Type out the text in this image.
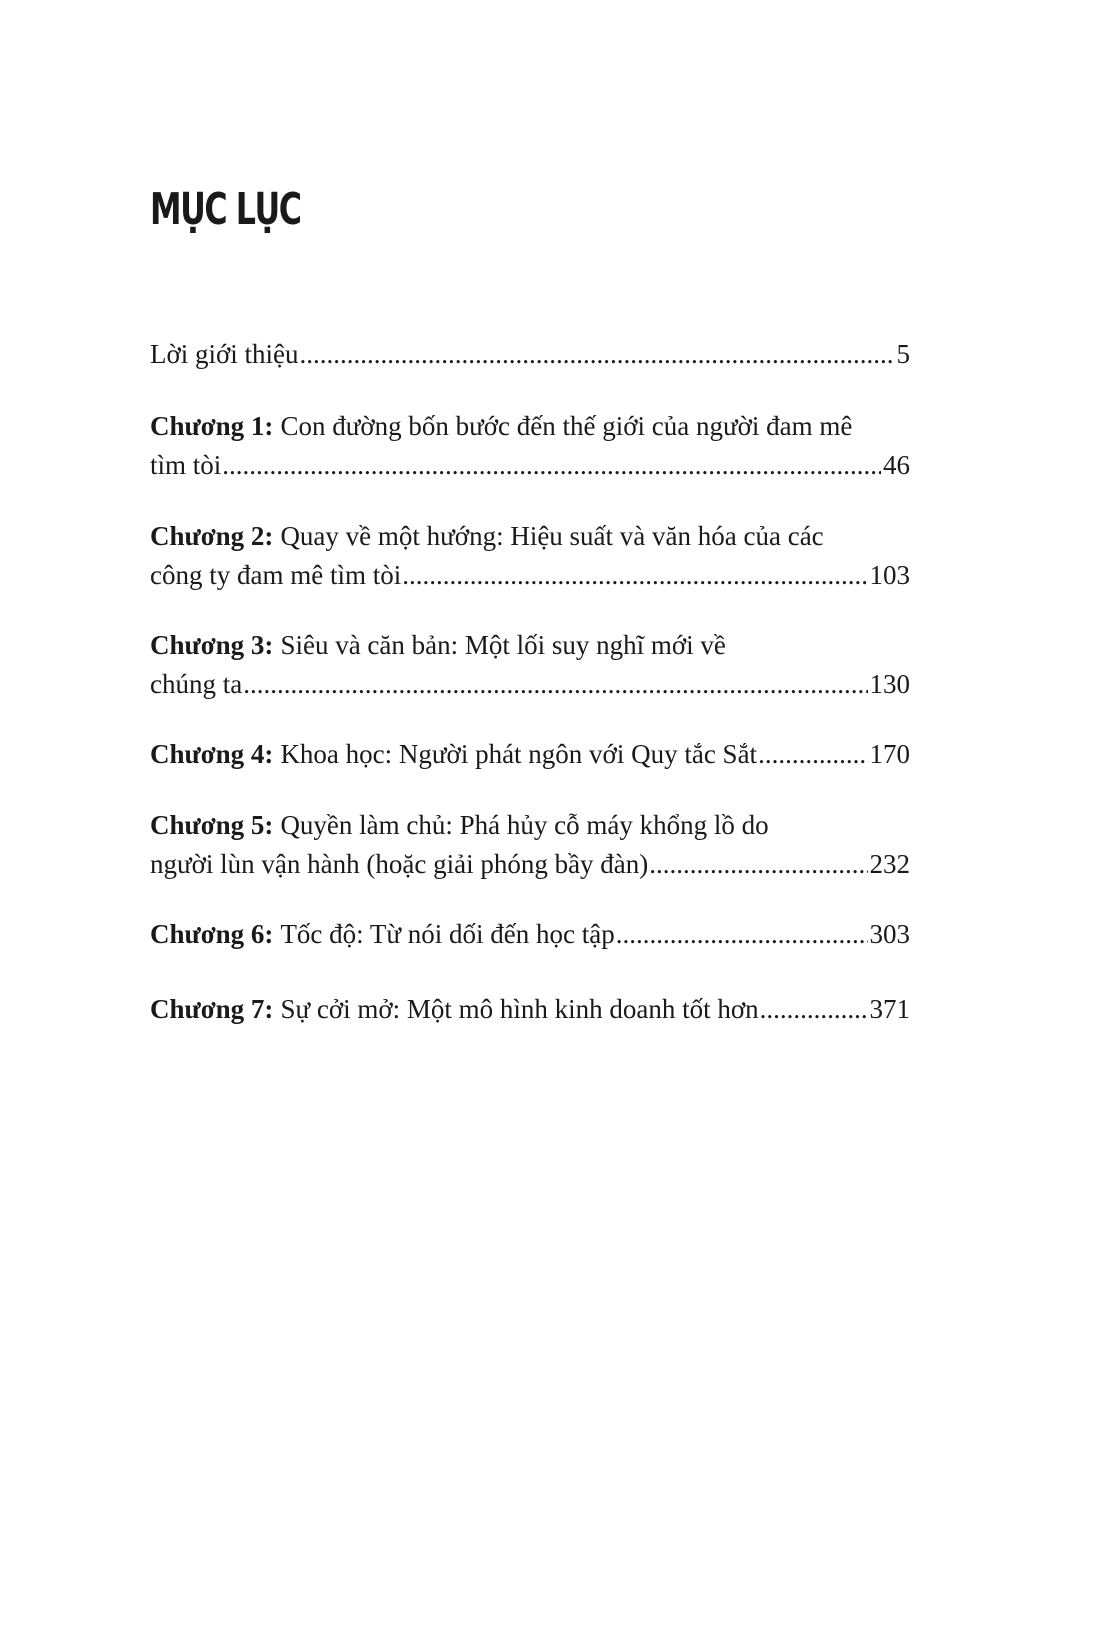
MỤC LỤC
Lời giới thiệu .....	5
Chương 1: Con đường bốn bước đến thế giới của người đam mê
tìm tòi .....	46
Chương 2: Quay về một hướng: Hiệu suất và văn hóa của các
công ty đam mê tìm tòi .....	103
Chương 3: Siêu và căn bản: Một lối suy nghĩ mới về
chúng ta .....	130
Chương 4: Khoa học: Người phát ngôn với Quy tắc Sắt .....	170
Chương 5: Quyền làm chủ: Phá hủy cỗ máy khổng lồ do
người lùn vận hành (hoặc giải phóng bầy đàn) .....	232
Chương 6: Tốc độ: Từ nói dối đến học tập .....	303
Chương 7: Sự cởi mở: Một mô hình kinh doanh tốt hơn .....	371
